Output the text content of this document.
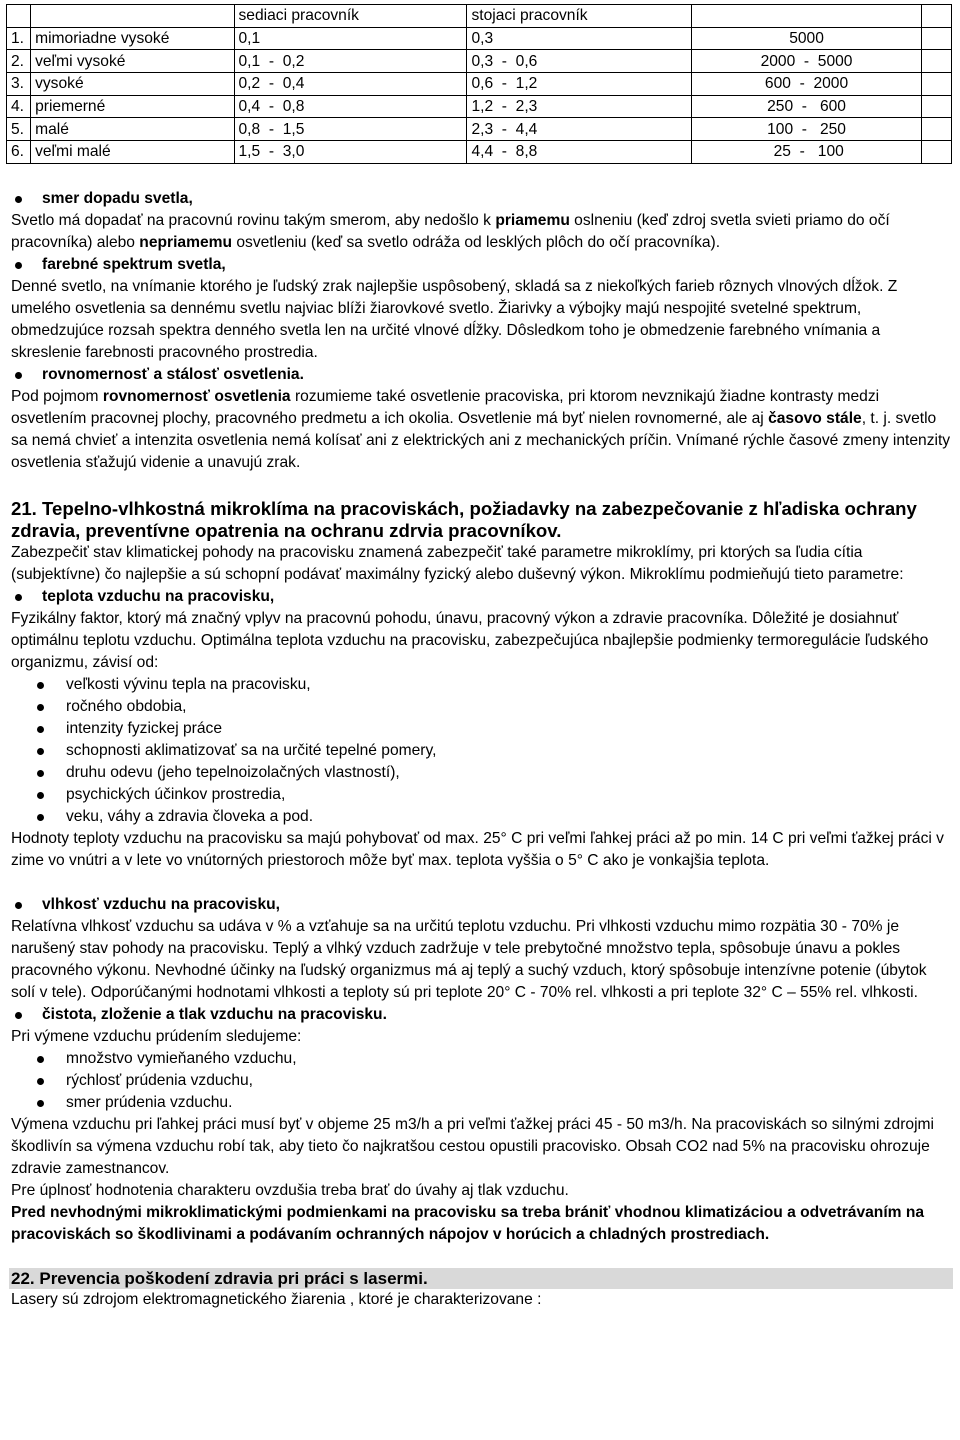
		sediaci pracovník	stojaci pracovník		
1.	mimoriadne vysoké	0,1	0,3	5000	
2.	veľmi vysoké	0,1  -  0,2	0,3  -  0,6	2000  -  5000	
3.	vysoké	0,2  -  0,4	0,6  -  1,2	600  -  2000	
4.	priemerné	0,4  -  0,8	1,2  -  2,3	250  -   600	
5.	malé	0,8  -  1,5	2,3  -  4,4	100  -   250	
6.	veľmi malé	1,5  -  3,0	4,4  -  8,8	25  -   100	

smer dopadu svetla,

Svetlo má dopadať na pracovnú rovinu takým smerom, aby nedošlo k priamemu oslneniu (keď zdroj svetla svieti priamo do očí pracovníka) alebo nepriamemu osvetleniu (keď sa svetlo odráža od lesklých plôch do očí pracovníka).

farebné spektrum svetla,

Denné svetlo, na vnímanie ktorého je ľudský zrak najlepšie uspôsobený, skladá sa z niekoľkých farieb rôznych vlnových dĺžok. Z umelého osvetlenia sa dennému svetlu najviac blíži žiarovkové svetlo. Žiarivky a výbojky majú nespojité svetelné spektrum, obmedzujúce rozsah spektra denného svetla len na určité vlnové dĺžky. Dôsledkom toho je obmedzenie farebného vnímania a skreslenie farebnosti pracovného prostredia.

rovnomernosť a stálosť osvetlenia.

Pod pojmom rovnomernosť osvetlenia rozumieme také osvetlenie pracoviska, pri ktorom nevznikajú žiadne kontrasty medzi osvetlením pracovnej plochy, pracovného predmetu a ich okolia. Osvetlenie má byť nielen rovnomerné, ale aj časovo stále, t. j. svetlo sa nemá chvieť a intenzita osvetlenia nemá kolísať ani z elektrických ani z mechanických príčin. Vnímané rýchle časové zmeny intenzity osvetlenia sťažujú videnie a unavujú zrak.

21. Tepelno-vlhkostná mikroklíma na pracoviskách, požiadavky na zabezpečovanie z hľadiska ochrany zdravia, preventívne opatrenia na ochranu zdrvia pracovníkov.

Zabezpečiť stav klimatickej pohody na pracovisku znamená zabezpečiť také parametre mikroklímy, pri ktorých sa ľudia cítia (subjektívne) čo najlepšie a sú schopní podávať maximálny fyzický alebo duševný výkon. Mikroklímu podmieňujú tieto parametre:

teplota vzduchu na pracovisku,

Fyzikálny faktor, ktorý má značný vplyv na pracovnú pohodu, únavu, pracovný výkon a zdravie pracovníka. Dôležité je dosiahnuť optimálnu teplotu vzduchu. Optimálna teplota vzduchu na pracovisku, zabezpečujúca nbajlepšie podmienky termoregulácie ľudského organizmu, závisí od:

veľkosti vývinu tepla na pracovisku,

ročného obdobia,

intenzity fyzickej práce

schopnosti aklimatizovať sa na určité tepelné pomery,

druhu odevu (jeho tepelnoizolačných vlastností),

psychických účinkov prostredia,

veku, váhy a zdravia človeka a pod.

Hodnoty teploty vzduchu na pracovisku sa majú pohybovať od max. 25° C pri veľmi ľahkej práci až po min. 14 C pri veľmi ťažkej práci v zime vo vnútri a v lete vo vnútorných priestoroch môže byť max. teplota vyššia o 5° C ako je vonkajšia teplota.

vlhkosť vzduchu na pracovisku,

Relatívna vlhkosť vzduchu sa udáva v % a vzťahuje sa na určitú teplotu vzduchu. Pri vlhkosti vzduchu mimo rozpätia 30 - 70% je narušený stav pohody na pracovisku. Teplý a vlhký vzduch zadržuje v tele prebytočné množstvo tepla, spôsobuje únavu a pokles pracovného výkonu. Nevhodné účinky na ľudský organizmus má aj teplý a suchý vzduch, ktorý spôsobuje intenzívne potenie (úbytok solí v tele). Odporúčanými hodnotami vlhkosti a teploty sú pri teplote 20° C - 70% rel. vlhkosti a pri teplote 32° C – 55% rel. vlhkosti.

čistota, zloženie a tlak vzduchu na pracovisku.

Pri výmene vzduchu prúdením sledujeme:

množstvo vymieňaného vzduchu,

rýchlosť prúdenia vzduchu,

smer prúdenia vzduchu.

Výmena vzduchu pri ľahkej práci musí byť v objeme 25 m3/h a pri veľmi ťažkej práci 45 - 50 m3/h. Na pracoviskách so silnými zdrojmi škodlivín sa výmena vzduchu robí tak, aby tieto čo najkratšou cestou opustili pracovisko. Obsah CO2 nad 5% na pracovisku ohrozuje zdravie zamestnancov.

Pre úplnosť hodnotenia charakteru ovzdušia treba brať do úvahy aj tlak vzduchu.

Pred nevhodnými mikroklimatickými podmienkami na pracovisku sa treba brániť vhodnou klimatizáciou a odvetrávaním na pracoviskách so škodlivinami a podávaním ochranných nápojov v horúcich a chladných prostrediach.

22. Prevencia poškodení zdravia pri práci s lasermi.

Lasery sú zdrojom elektromagnetického žiarenia , ktoré je charakterizovane :
